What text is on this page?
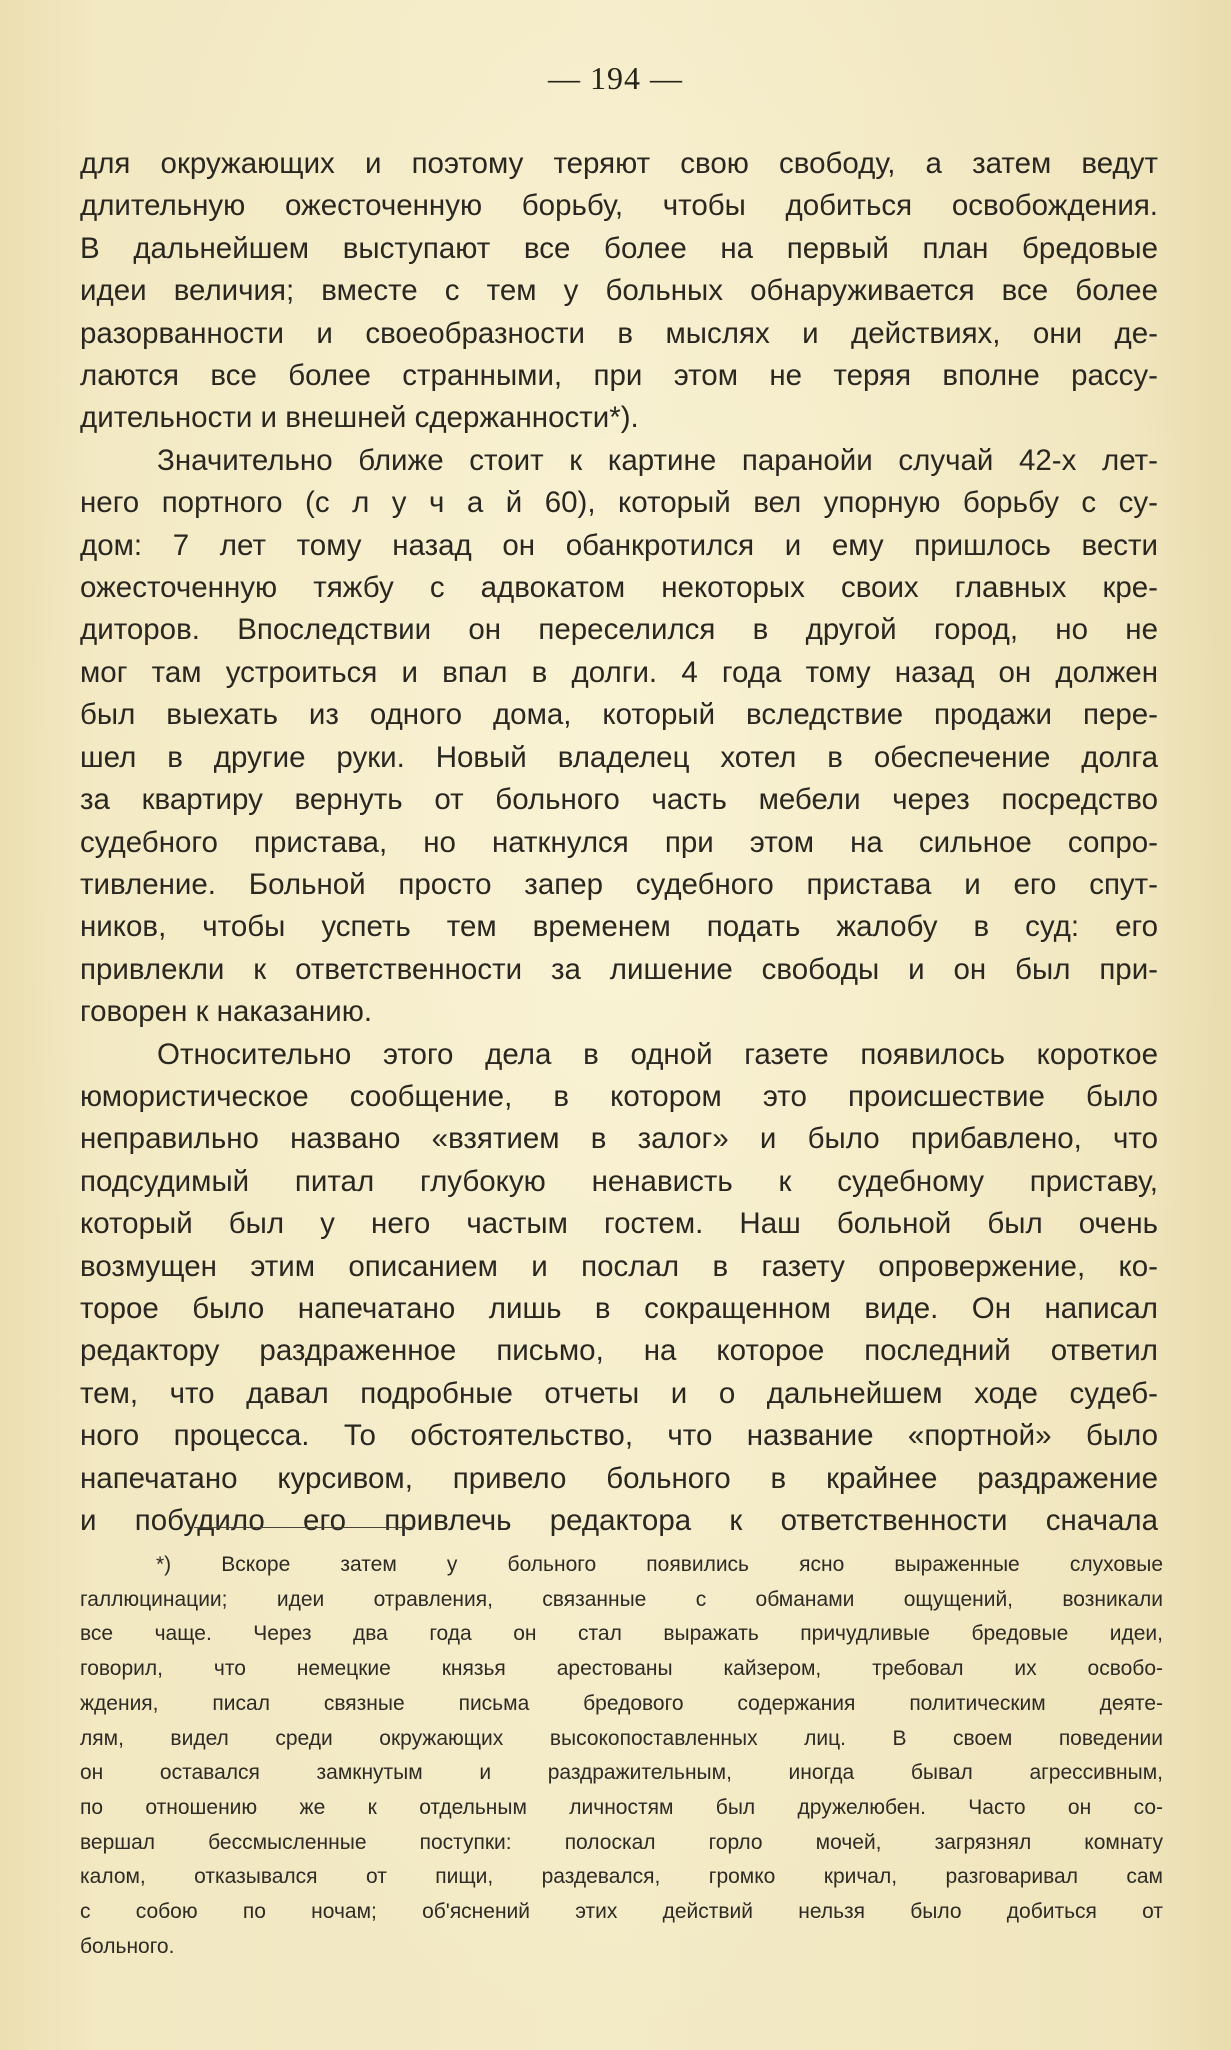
— 194 —
для окружающих и поэтому теряют свою свободу, а затем ведут
длительную ожесточенную борьбу, чтобы добиться освобождения.
В дальнейшем выступают все более на первый план бредовые
идеи величия; вместе с тем у больных обнаруживается все более
разорванности и своеобразности в мыслях и действиях, они де-
лаются все более странными, при этом не теряя вполне рассу-
дительности и внешней сдержанности*).
Значительно ближе стоит к картине паранойи случай 42-х лет-
него портного (с л у ч а й 60), который вел упорную борьбу с су-
дом: 7 лет тому назад он обанкротился и ему пришлось вести
ожесточенную тяжбу с адвокатом некоторых своих главных кре-
диторов. Впоследствии он переселился в другой город, но не
мог там устроиться и впал в долги. 4 года тому назад он должен
был выехать из одного дома, который вследствие продажи пере-
шел в другие руки. Новый владелец хотел в обеспечение долга
за квартиру вернуть от больного часть мебели через посредство
судебного пристава, но наткнулся при этом на сильное сопро-
тивление. Больной просто запер судебного пристава и его спут-
ников, чтобы успеть тем временем подать жалобу в суд: его
привлекли к ответственности за лишение свободы и он был при-
говорен к наказанию.
Относительно этого дела в одной газете появилось короткое
юмористическое сообщение, в котором это происшествие было
неправильно названо «взятием в залог» и было прибавлено, что
подсудимый питал глубокую ненависть к судебному приставу,
который был у него частым гостем. Наш больной был очень
возмущен этим описанием и послал в газету опровержение, ко-
торое было напечатано лишь в сокращенном виде. Он написал
редактору раздраженное письмо, на которое последний ответил
тем, что давал подробные отчеты и о дальнейшем ходе судеб-
ного процесса. То обстоятельство, что название «портной» было
напечатано курсивом, привело больного в крайнее раздражение
и побудило его привлечь редактора к ответственности сначала
*) Вскоре затем у больного появились ясно выраженные слуховые
галлюцинации; идеи отравления, связанные с обманами ощущений, возникали
все чаще. Через два года он стал выражать причудливые бредовые идеи,
говорил, что немецкие князья арестованы кайзером, требовал их освобо-
ждения, писал связные письма бредового содержания политическим деяте-
лям, видел среди окружающих высокопоставленных лиц. В своем поведении
он оставался замкнутым и раздражительным, иногда бывал агрессивным,
по отношению же к отдельным личностям был дружелюбен. Часто он со-
вершал бессмысленные поступки: полоскал горло мочей, загрязнял комнату
калом, отказывался от пищи, раздевался, громко кричал, разговаривал сам
с собою по ночам; об'яснений этих действий нельзя было добиться от
больного.
